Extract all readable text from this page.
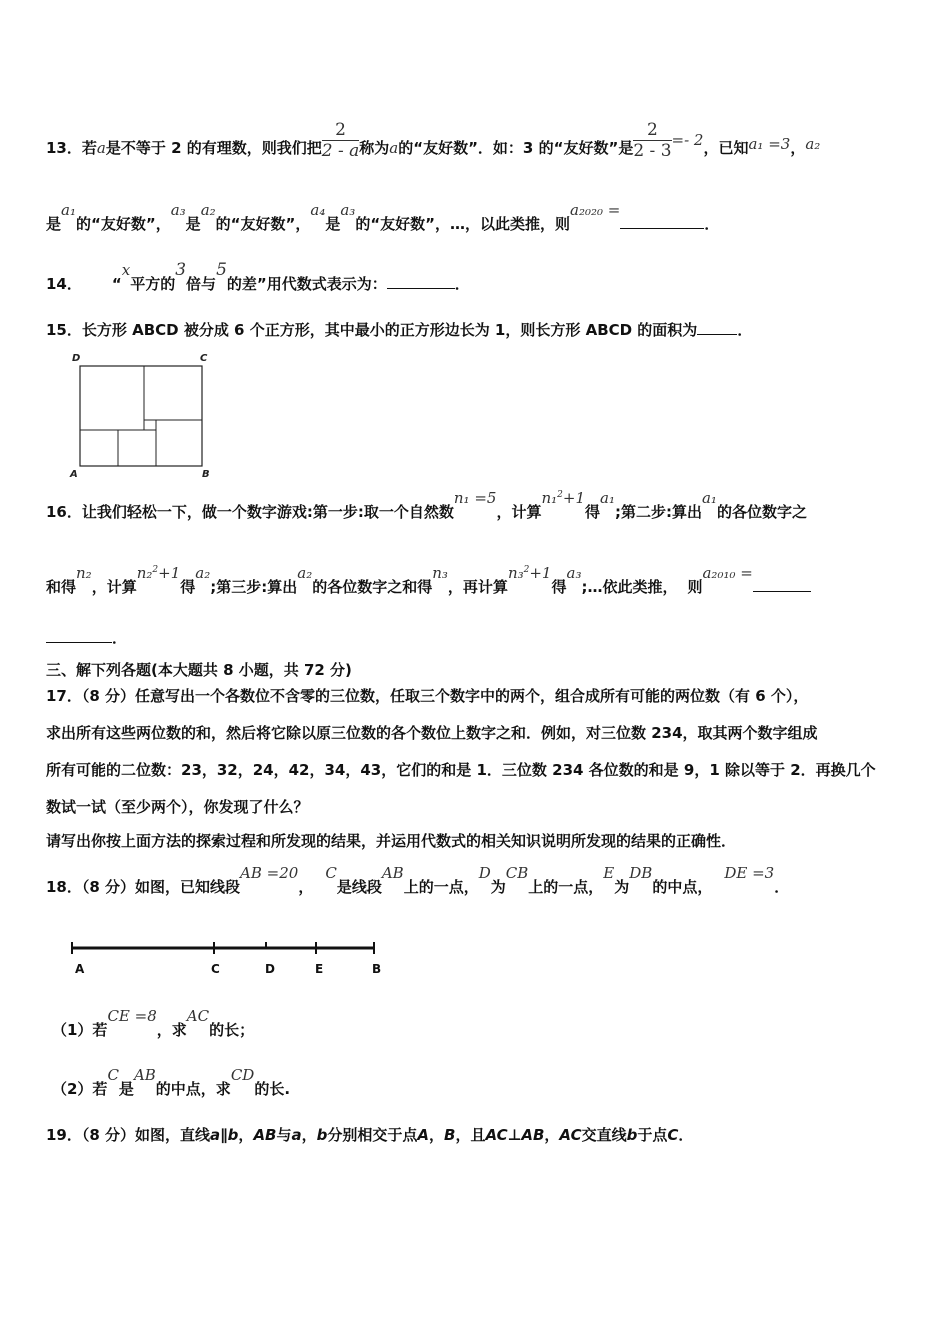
13．若a是不等于 2 的有理数，则我们把 $\frac{2}{2 - a}$ 称为a的“友好数”．如：3 的“友好数”是 $\frac{2}{2 - 3} =- 2$，已知a₁ =3，a₂
是a₁的“友好数”，a₃是a₂的“友好数”，a₄是a₃的“友好数”，…，以此类推，则a₂₀₂₀ =．
14． “x平方的3倍与5的差”用代数式表示为：	．
15．长方形 ABCD 被分成 6 个正方形，其中最小的正方形边长为 1，则长方形 ABCD 的面积为	．
D	C
A	B
16．让我们轻松一下，做一个数字游戏:第一步:取一个自然数n₁ =5，计算n₁$^2$+1得a₁;第二步:算出a₁的各位数字之
和得n₂，计算n₂$^2$+1得a₂;第三步:算出a₂的各位数字之和得n₃，再计算n₃$^2$+1得a₃;…依此类推， 则a₂₀₁₀ =
．
三、解下列各题(本大题共 8 小题，共 72 分)
17．（8 分）任意写出一个各数位不含零的三位数，任取三个数字中的两个，组合成所有可能的两位数（有 6 个），
求出所有这些两位数的和，然后将它除以原三位数的各个数位上数字之和．例如，对三位数 234，取其两个数字组成
所有可能的二位数：23，32，24，42，34，43，它们的和是 1．三位数 234 各位数的和是 9，1 除以等于 2．再换几个
数试一试（至少两个），你发现了什么？
请写出你按上面方法的探索过程和所发现的结果，并运用代数式的相关知识说明所发现的结果的正确性．
18．（8 分）如图，已知线段AB =20，C是线段AB上的一点，D为CB上的一点，E为DB的中点，DE =3．
A	C	D	E	B
（1）若CE =8，求AC的长；
（2）若C是AB的中点，求CD的长.
19．（8 分）如图，直线a∥b，AB与a，b分别相交于点A，B，且AC⊥AB，AC交直线b于点C．
